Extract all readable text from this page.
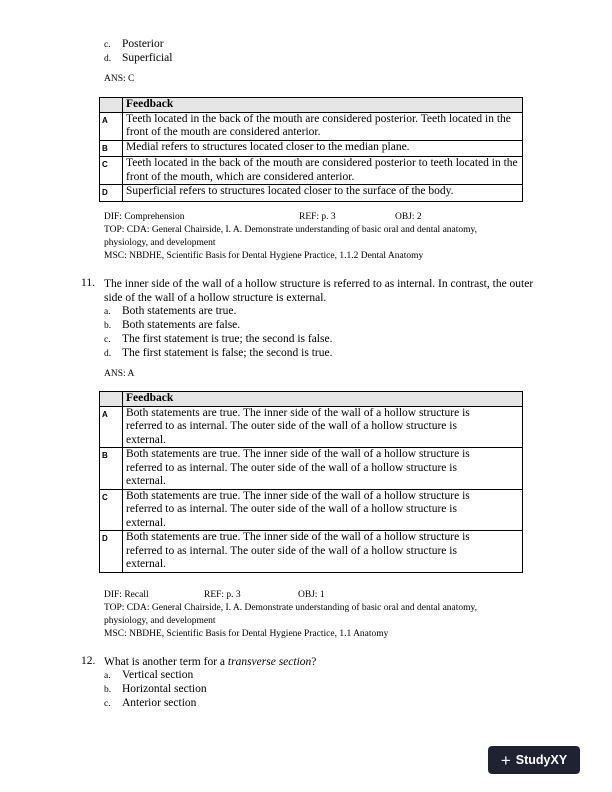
c. Posterior
d. Superficial
ANS: C
	Feedback
A	Teeth located in the back of the mouth are considered posterior. Teeth located in the front of the mouth are considered anterior.
B	Medial refers to structures located closer to the median plane.
C	Teeth located in the back of the mouth are considered posterior to teeth located in the front of the mouth, which are considered anterior.
D	Superficial refers to structures located closer to the surface of the body.
DIF: Comprehension	REF: p. 3	OBJ: 2
TOP: CDA: General Chairside, I. A. Demonstrate understanding of basic oral and dental anatomy,
physiology, and development
MSC: NBDHE, Scientific Basis for Dental Hygiene Practice, 1.1.2 Dental Anatomy
11. The inner side of the wall of a hollow structure is referred to as internal. In contrast, the outer side of the wall of a hollow structure is external.
a. Both statements are true.
b. Both statements are false.
c. The first statement is true; the second is false.
d. The first statement is false; the second is true.
ANS: A
	Feedback
A	Both statements are true. The inner side of the wall of a hollow structure is referred to as internal. The outer side of the wall of a hollow structure is external.
B	Both statements are true. The inner side of the wall of a hollow structure is referred to as internal. The outer side of the wall of a hollow structure is external.
C	Both statements are true. The inner side of the wall of a hollow structure is referred to as internal. The outer side of the wall of a hollow structure is external.
D	Both statements are true. The inner side of the wall of a hollow structure is referred to as internal. The outer side of the wall of a hollow structure is external.
DIF: Recall	REF: p. 3	OBJ: 1
TOP: CDA: General Chairside, I. A. Demonstrate understanding of basic oral and dental anatomy,
physiology, and development
MSC: NBDHE, Scientific Basis for Dental Hygiene Practice, 1.1 Anatomy
12. What is another term for a transverse section?
a. Vertical section
b. Horizontal section
c. Anterior section
+ StudyXY
